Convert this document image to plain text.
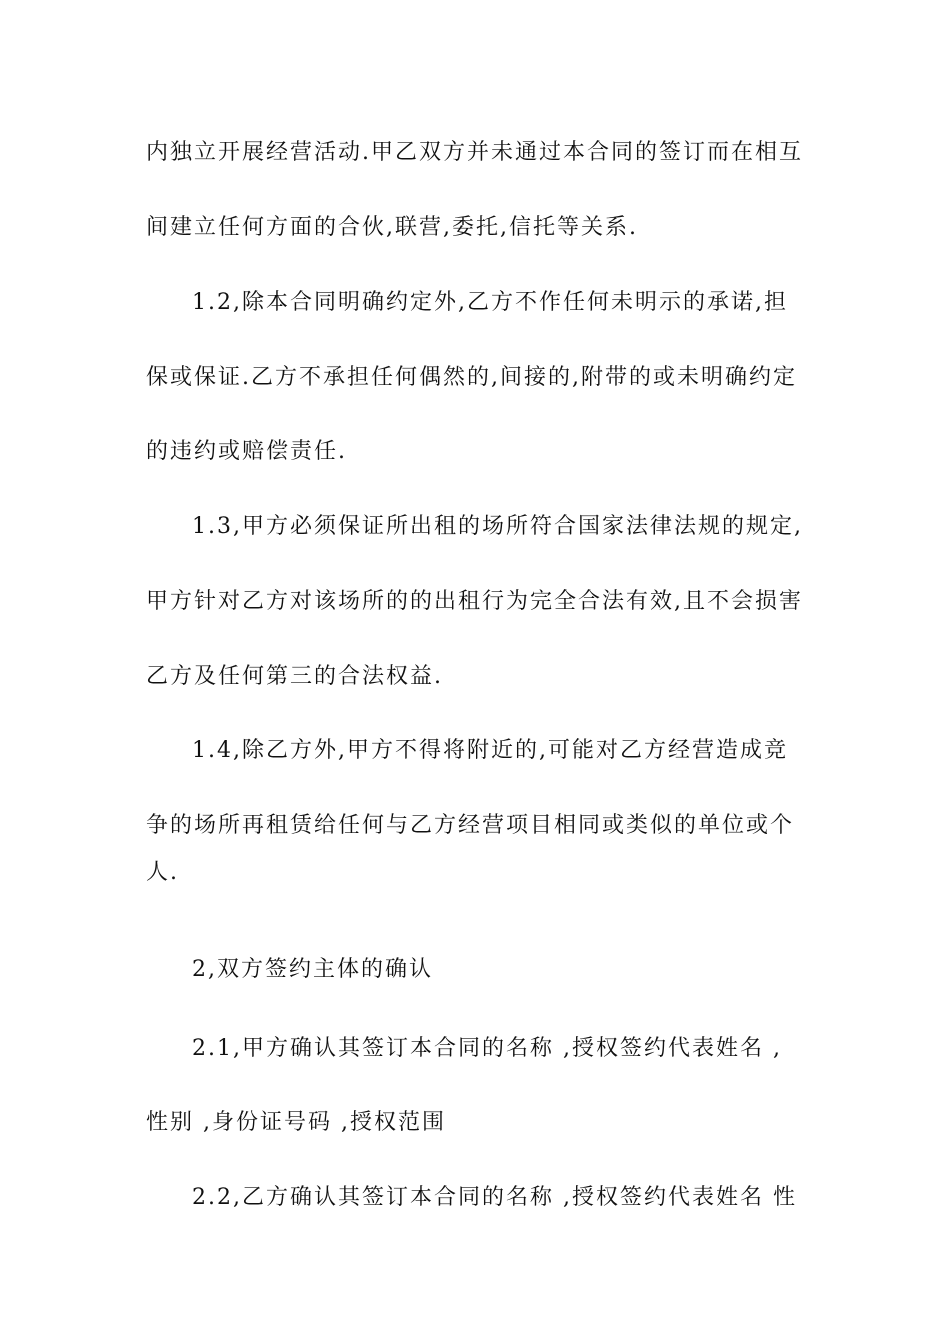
内独立开展经营活动.甲乙双方并未通过本合同的签订而在相互
间建立任何方面的合伙,联营,委托,信托等关系.
1.2,除本合同明确约定外,乙方不作任何未明示的承诺,担
保或保证.乙方不承担任何偶然的,间接的,附带的或未明确约定
的违约或赔偿责任.
1.3,甲方必须保证所出租的场所符合国家法律法规的规定,
甲方针对乙方对该场所的的出租行为完全合法有效,且不会损害
乙方及任何第三的合法权益.
1.4,除乙方外,甲方不得将附近的,可能对乙方经营造成竞
争的场所再租赁给任何与乙方经营项目相同或类似的单位或个
人.
2,双方签约主体的确认
2.1,甲方确认其签订本合同的名称 ,授权签约代表姓名 ,
性别 ,身份证号码 ,授权范围
2.2,乙方确认其签订本合同的名称 ,授权签约代表姓名 性
